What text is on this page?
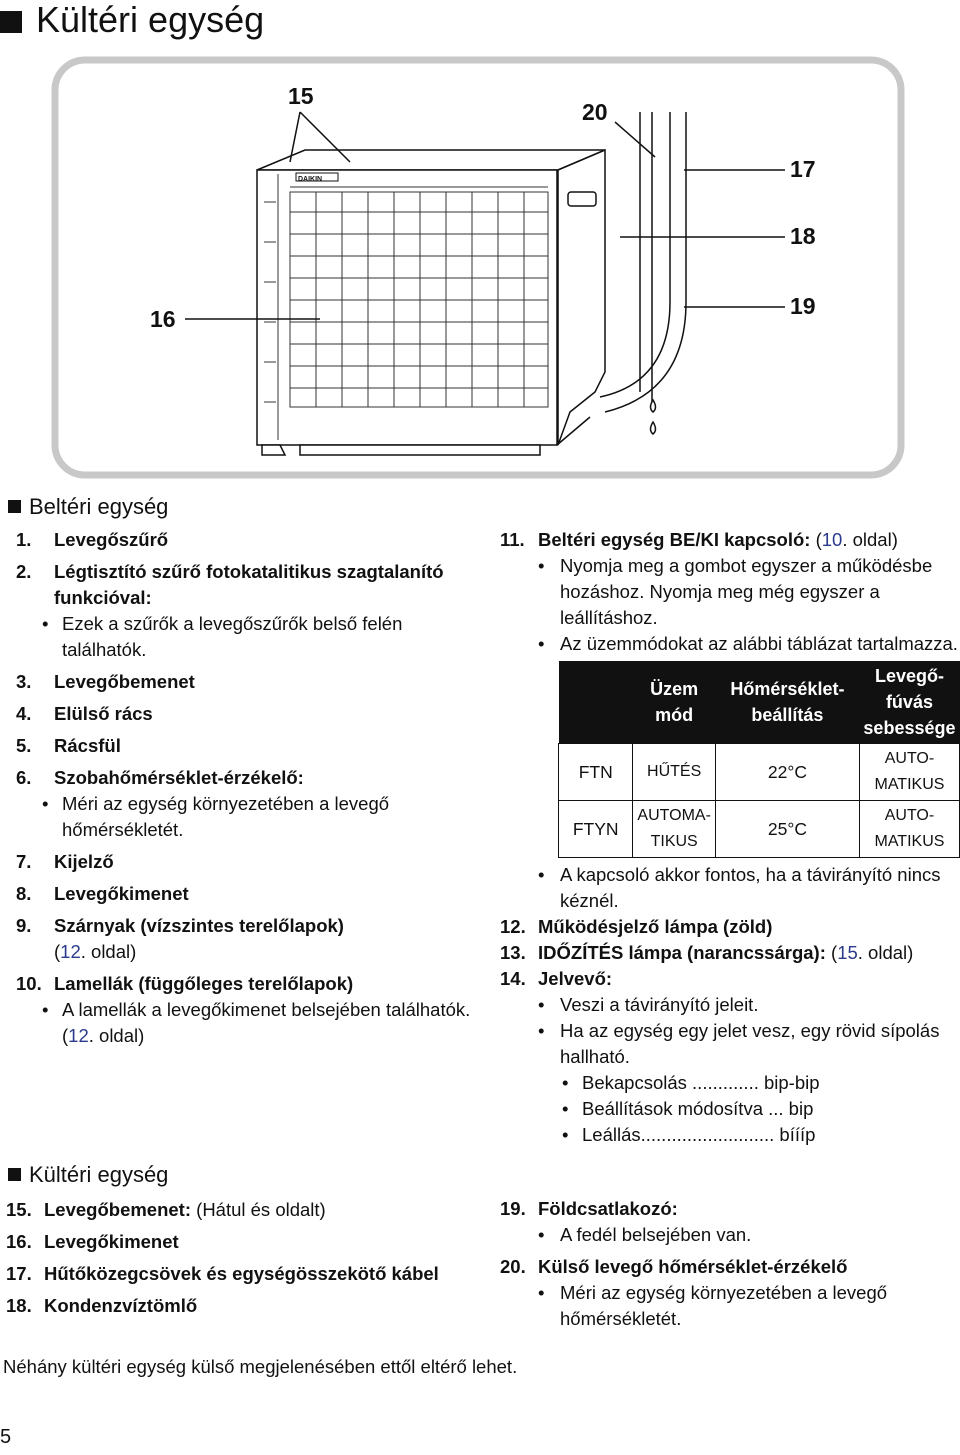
Kültéri egység
DAIKIN
15
20
17
18
16	19
Beltéri egység
1. Levegőszűrő
2. Légtisztító szűrő fotokatalitikus szagtalanító funkcióval:
• Ezek a szűrők a levegőszűrők belső felén találhatók.
3. Levegőbemenet
4. Elülső rács
5. Rácsfül
6. Szobahőmérséklet-érzékelő:
• Méri az egység környezetében a levegő hőmérsékletét.
7. Kijelző
8. Levegőkimenet
9. Szárnyak (vízszintes terelőlapok)
(12. oldal)
10. Lamellák (függőleges terelőlapok)
• A lamellák a levegőkimenet belsejében találhatók. (12. oldal)
Kültéri egység
15. Levegőbemenet: (Hátul és oldalt)
16. Levegőkimenet
17. Hűtőközegcsövek és egységösszekötő kábel
18. Kondenzvíztömlő
11. Beltéri egység BE/KI kapcsoló: (10. oldal)
• Nyomja meg a gombot egyszer a működésbe hozáshoz. Nyomja meg még egyszer a leállításhoz.
• Az üzemmódokat az alábbi táblázat tartalmazza.
	Üzem mód	Hőmérséklet-beállítás	Levegő-fúvás sebessége
FTN	HŰTÉS	22°C	AUTO-MATIKUS
FTYN	AUTOMA-TIKUS	25°C	AUTO-MATIKUS
• A kapcsoló akkor fontos, ha a távirányító nincs kéznél.
12. Működésjelző lámpa (zöld)
13. IDŐZÍTÉS lámpa (narancssárga): (15. oldal)
14. Jelvevő:
• Veszi a távirányító jeleit.
• Ha az egység egy jelet vesz, egy rövid sípolás hallható.
• Bekapcsolás ............. bip-bip
• Beállítások módosítva ... bip
• Leállás.......................... bíííp
19. Földcsatlakozó:
• A fedél belsejében van.
20. Külső levegő hőmérséklet-érzékelő
• Méri az egység környezetében a levegő hőmérsékletét.
Néhány kültéri egység külső megjelenésében ettől eltérő lehet.
5
